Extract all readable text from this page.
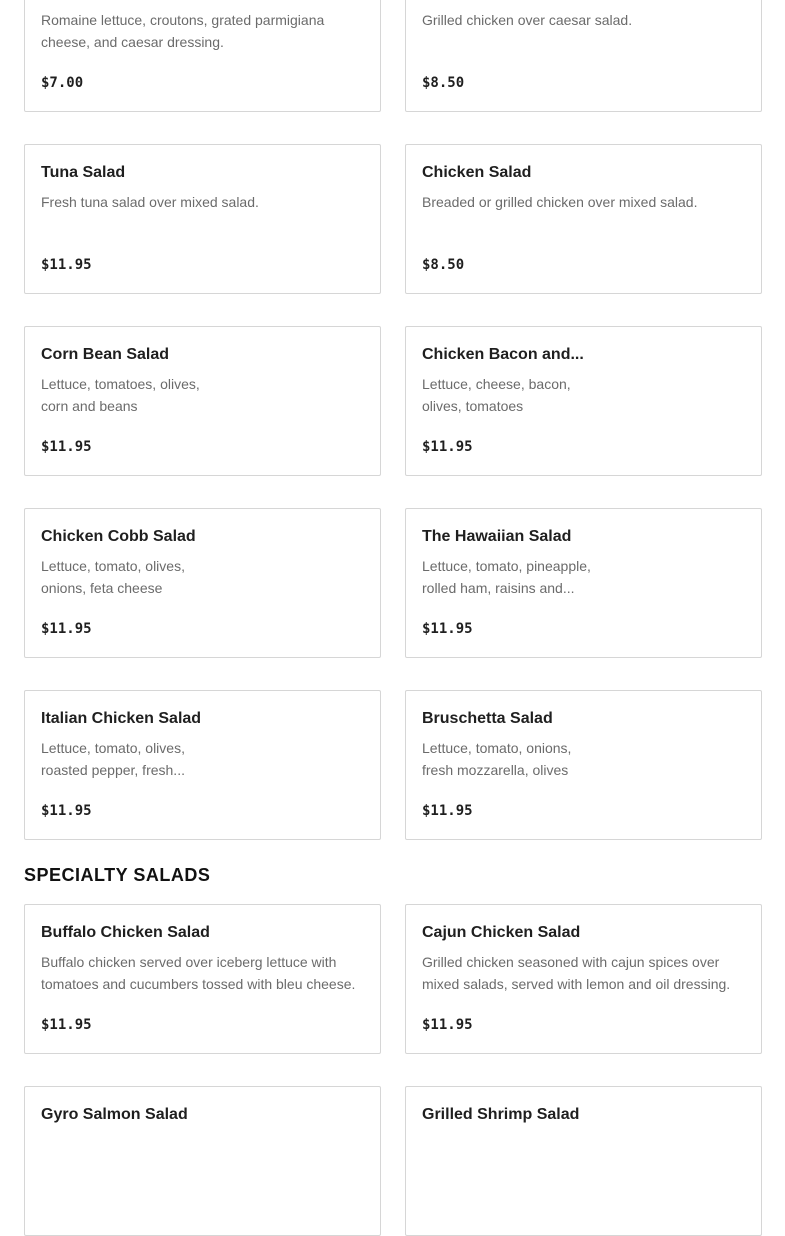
Romaine lettuce, croutons, grated parmigiana cheese, and caesar dressing.
$7.00
Grilled chicken over caesar salad.
$8.50
Tuna Salad
Fresh tuna salad over mixed salad.
$11.95
Chicken Salad
Breaded or grilled chicken over mixed salad.
$8.50
Corn Bean Salad
Lettuce, tomatoes, olives,
corn and beans
$11.95
Chicken Bacon and...
Lettuce, cheese, bacon,
olives, tomatoes
$11.95
Chicken Cobb Salad
Lettuce, tomato, olives,
onions, feta cheese
$11.95
The Hawaiian Salad
Lettuce, tomato, pineapple,
rolled ham, raisins and...
$11.95
Italian Chicken Salad
Lettuce, tomato, olives,
roasted pepper, fresh...
$11.95
Bruschetta Salad
Lettuce, tomato, onions,
fresh mozzarella, olives
$11.95
SPECIALTY SALADS
Buffalo Chicken Salad
Buffalo chicken served over iceberg lettuce with tomatoes and cucumbers tossed with bleu cheese.
$11.95
Cajun Chicken Salad
Grilled chicken seasoned with cajun spices over mixed salads, served with lemon and oil dressing.
$11.95
Gyro Salmon Salad	Grilled Shrimp Salad
